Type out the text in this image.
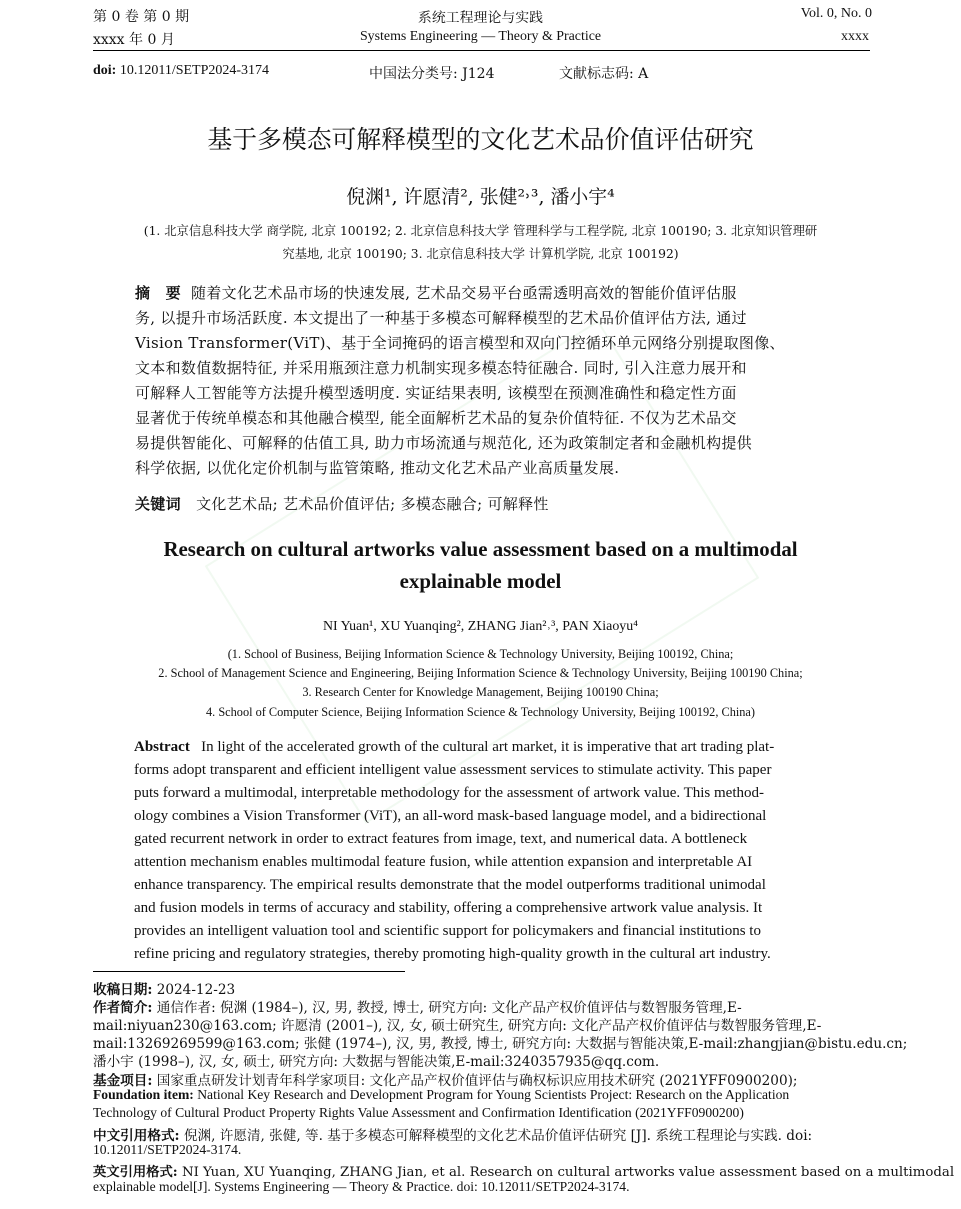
第 0 卷 第 0 期	系统工程理论与实践	Vol. 0, No. 0
xxxx 年 0 月	Systems Engineering — Theory & Practice	xxxx
doi: 10.12011/SETP2024-3174	中国法分类号: J124	文献标志码: A
基于多模态可解释模型的文化艺术品价值评估研究
倪渊¹, 许愿清², 张健²˒³, 潘小宇⁴
(1. 北京信息科技大学 商学院, 北京 100192; 2. 北京信息科技大学 管理科学与工程学院, 北京 100190; 3. 北京知识管理研
究基地, 北京 100190; 3. 北京信息科技大学 计算机学院, 北京 100192)
摘　要 随着文化艺术品市场的快速发展, 艺术品交易平台亟需透明高效的智能价值评估服
务, 以提升市场活跃度. 本文提出了一种基于多模态可解释模型的艺术品价值评估方法, 通过
Vision Transformer(ViT)、基于全词掩码的语言模型和双向门控循环单元网络分别提取图像、
文本和数值数据特征, 并采用瓶颈注意力机制实现多模态特征融合. 同时, 引入注意力展开和
可解释人工智能等方法提升模型透明度. 实证结果表明, 该模型在预测准确性和稳定性方面
显著优于传统单模态和其他融合模型, 能全面解析艺术品的复杂价值特征. 不仅为艺术品交
易提供智能化、可解释的估值工具, 助力市场流通与规范化, 还为政策制定者和金融机构提供
科学依据, 以优化定价机制与监管策略, 推动文化艺术品产业高质量发展.
关键词 文化艺术品; 艺术品价值评估; 多模态融合; 可解释性
Research on cultural artworks value assessment based on a multimodal
explainable model
NI Yuan¹, XU Yuanqing², ZHANG Jian²˒³, PAN Xiaoyu⁴
(1. School of Business, Beijing Information Science & Technology University, Beijing 100192, China;
2. School of Management Science and Engineering, Beijing Information Science & Technology University, Beijing 100190 China;
3. Research Center for Knowledge Management, Beijing 100190 China;
4. School of Computer Science, Beijing Information Science & Technology University, Beijing 100192, China)
Abstract In light of the accelerated growth of the cultural art market, it is imperative that art trading plat-
forms adopt transparent and efficient intelligent value assessment services to stimulate activity. This paper
puts forward a multimodal, interpretable methodology for the assessment of artwork value. This method-
ology combines a Vision Transformer (ViT), an all-word mask-based language model, and a bidirectional
gated recurrent network in order to extract features from image, text, and numerical data. A bottleneck
attention mechanism enables multimodal feature fusion, while attention expansion and interpretable AI
enhance transparency. The empirical results demonstrate that the model outperforms traditional unimodal
and fusion models in terms of accuracy and stability, offering a comprehensive artwork value analysis. It
provides an intelligent valuation tool and scientific support for policymakers and financial institutions to
refine pricing and regulatory strategies, thereby promoting high-quality growth in the cultural art industry.
收稿日期: 2024-12-23
作者简介: 通信作者: 倪渊 (1984–), 汉, 男, 教授, 博士, 研究方向: 文化产品产权价值评估与数智服务管理,E-
mail:niyuan230@163.com; 许愿清 (2001–), 汉, 女, 硕士研究生, 研究方向: 文化产品产权价值评估与数智服务管理,E-
mail:13269269599@163.com; 张健 (1974–), 汉, 男, 教授, 博士, 研究方向: 大数据与智能决策,E-mail:zhangjian@bistu.edu.cn;
潘小宇 (1998–), 汉, 女, 硕士, 研究方向: 大数据与智能决策,E-mail:3240357935@qq.com.
基金项目: 国家重点研发计划青年科学家项目: 文化产品产权价值评估与确权标识应用技术研究 (2021YFF0900200);
Foundation item: National Key Research and Development Program for Young Scientists Project: Research on the Application
Technology of Cultural Product Property Rights Value Assessment and Confirmation Identification (2021YFF0900200)
中文引用格式: 倪渊, 许愿清, 张健, 等. 基于多模态可解释模型的文化艺术品价值评估研究 [J]. 系统工程理论与实践. doi:
10.12011/SETP2024-3174.
英文引用格式: NI Yuan, XU Yuanqing, ZHANG Jian, et al. Research on cultural artworks value assessment based on a multimodal
explainable model[J]. Systems Engineering — Theory & Practice. doi: 10.12011/SETP2024-3174.
